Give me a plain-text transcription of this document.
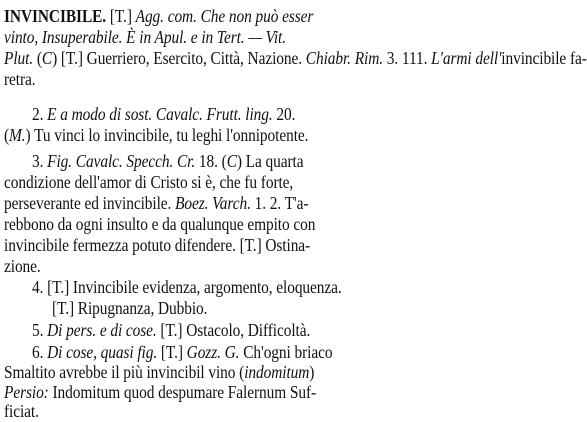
INVINCIBILE. [T.] Agg. com. Che non può esser
vinto, Insuperabile. È in Apul. e in Tert. — Vit.
Plut. (C) [T.] Guerriero, Esercito, Città, Nazione. Chiabr. Rim. 3. 111. L'armi dell'invincibile fa-
retra.
2. E a modo di sost. Cavalc. Frutt. ling. 20.
(M.) Tu vinci lo invincibile, tu leghi l'onnipotente.
3. Fig. Cavalc. Specch. Cr. 18. (C) La quarta
condizione dell'amor di Cristo si è, che fu forte,
perseverante ed invincibile. Boez. Varch. 1. 2. T'a-
rebbono da ogni insulto e da qualunque empito con
invincibile fermezza potuto difendere. [T.] Ostina-
zione.
4. [T.] Invincibile evidenza, argomento, eloquenza.
[T.] Ripugnanza, Dubbio.
5. Di pers. e di cose. [T.] Ostacolo, Difficoltà.
6. Di cose, quasi fig. [T.] Gozz. G. Ch'ogni briaco
Smaltito avrebbe il più invincibil vino (indomitum)
Persio: Indomitum quod despumare Falernum Suf-
ficiat.
